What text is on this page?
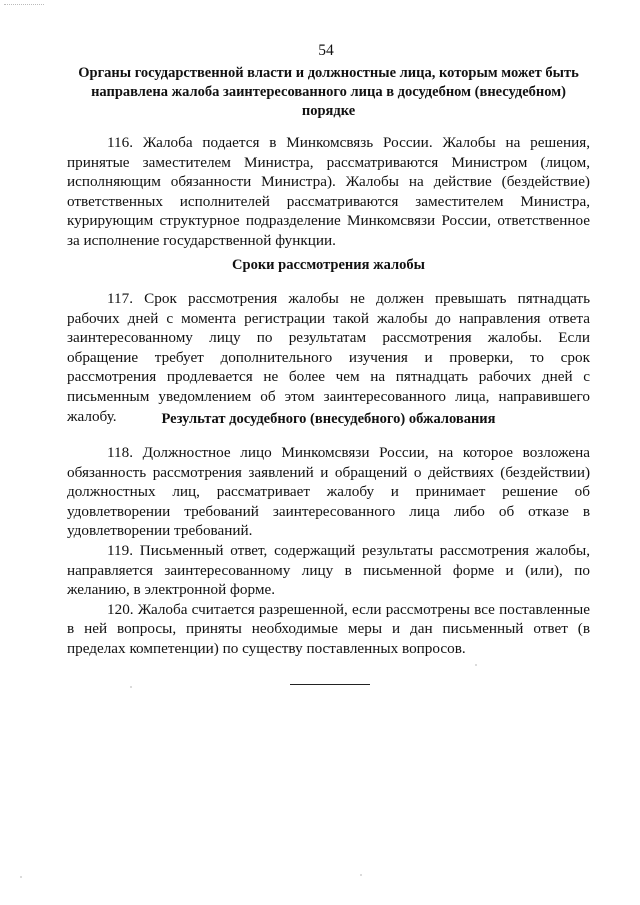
54
Органы государственной власти и должностные лица, которым может быть направлена жалоба заинтересованного лица в досудебном (внесудебном) порядке

116. Жалоба подается в Минкомсвязь России. Жалобы на решения, принятые заместителем Министра, рассматриваются Министром (лицом, исполняющим обязанности Министра). Жалобы на действие (бездействие) ответственных исполнителей рассматриваются заместителем Министра, курирующим структурное подразделение Минкомсвязи России, ответственное за исполнение государственной функции.

Сроки рассмотрения жалобы

117. Срок рассмотрения жалобы не должен превышать пятнадцать рабочих дней с момента регистрации такой жалобы до направления ответа заинтересованному лицу по результатам рассмотрения жалобы. Если обращение требует дополнительного изучения и проверки, то срок рассмотрения продлевается не более чем на пятнадцать рабочих дней с письменным уведомлением об этом заинтересованного лица, направившего жалобу.	Результат досудебного (внесудебного) обжалования

118. Должностное лицо Минкомсвязи России, на которое возложена обязанность рассмотрения заявлений и обращений о действиях (бездействии) должностных лиц, рассматривает жалобу и принимает решение об удовлетворении требований заинтересованного лица либо об отказе в удовлетворении требований.

119. Письменный ответ, содержащий результаты рассмотрения жалобы, направляется заинтересованному лицу в письменной форме и (или), по желанию, в электронной форме.

120. Жалоба считается разрешенной, если рассмотрены все поставленные в ней вопросы, приняты необходимые меры и дан письменный ответ (в пределах компетенции) по существу поставленных вопросов.
